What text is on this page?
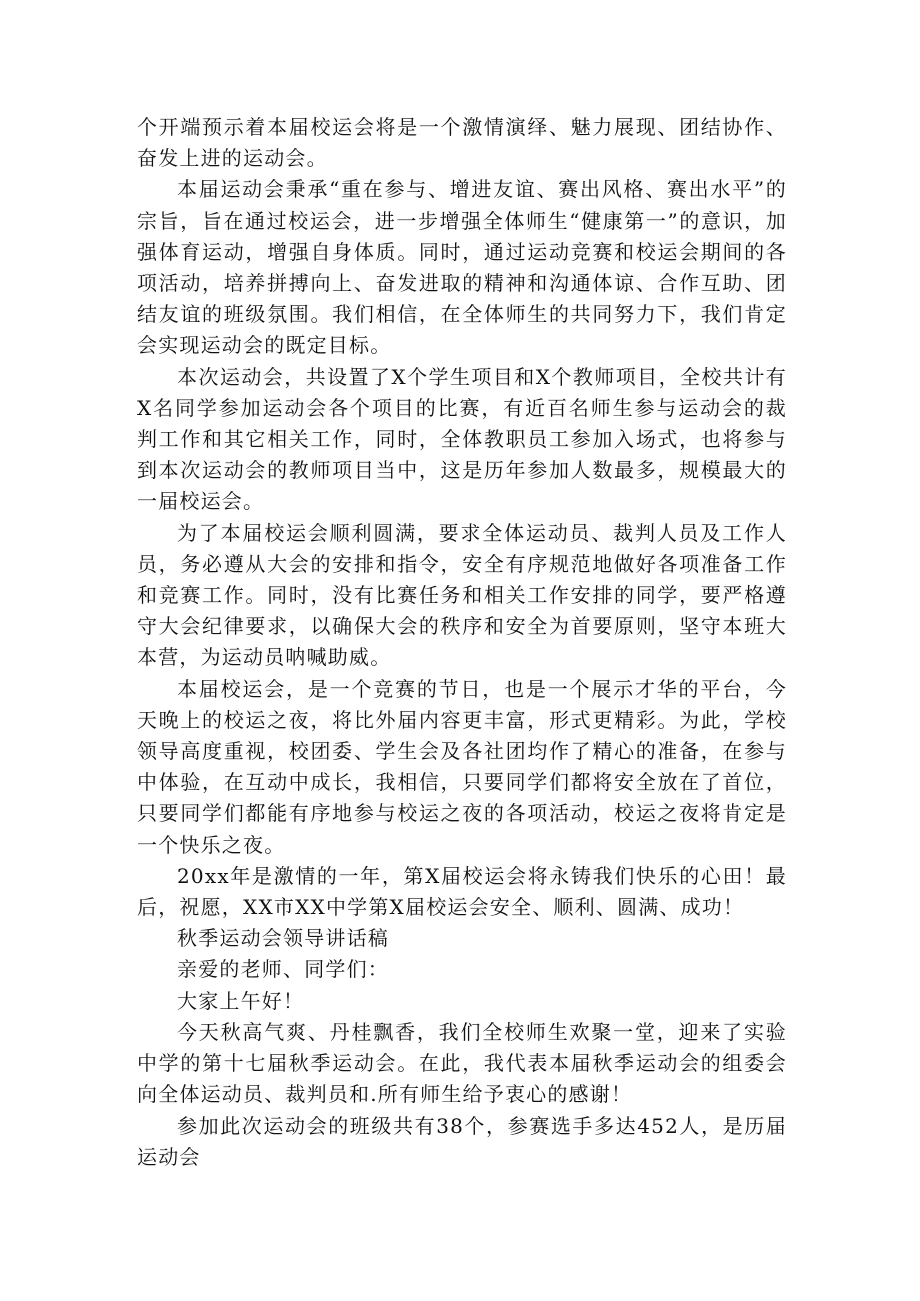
个开端预示着本届校运会将是一个激情演绎、魅力展现、团结协作、奋发上进的运动会。

本届运动会秉承“重在参与、增进友谊、赛出风格、赛出水平”的宗旨，旨在通过校运会，进一步增强全体师生“健康第一”的意识，加强体育运动，增强自身体质。同时，通过运动竞赛和校运会期间的各项活动，培养拼搏向上、奋发进取的精神和沟通体谅、合作互助、团结友谊的班级氛围。我们相信，在全体师生的共同努力下，我们肯定会实现运动会的既定目标。

本次运动会，共设置了X个学生项目和X个教师项目，全校共计有X名同学参加运动会各个项目的比赛，有近百名师生参与运动会的裁判工作和其它相关工作，同时，全体教职员工参加入场式，也将参与到本次运动会的教师项目当中，这是历年参加人数最多，规模最大的一届校运会。

为了本届校运会顺利圆满，要求全体运动员、裁判人员及工作人员，务必遵从大会的安排和指令，安全有序规范地做好各项准备工作和竞赛工作。同时，没有比赛任务和相关工作安排的同学，要严格遵守大会纪律要求，以确保大会的秩序和安全为首要原则，坚守本班大本营，为运动员呐喊助威。

本届校运会，是一个竞赛的节日，也是一个展示才华的平台，今天晚上的校运之夜，将比外届内容更丰富，形式更精彩。为此，学校领导高度重视，校团委、学生会及各社团均作了精心的准备，在参与中体验，在互动中成长，我相信，只要同学们都将安全放在了首位，只要同学们都能有序地参与校运之夜的各项活动，校运之夜将肯定是一个快乐之夜。

20xx年是激情的一年，第X届校运会将永铸我们快乐的心田！最后，祝愿，XX市XX中学第X届校运会安全、顺利、圆满、成功！

秋季运动会领导讲话稿

亲爱的老师、同学们：

大家上午好！

今天秋高气爽、丹桂飘香，我们全校师生欢聚一堂，迎来了实验中学的第十七届秋季运动会。在此，我代表本届秋季运动会的组委会向全体运动员、裁判员和.所有师生给予衷心的感谢！

参加此次运动会的班级共有38个，参赛选手多达452人，是历届运动会
